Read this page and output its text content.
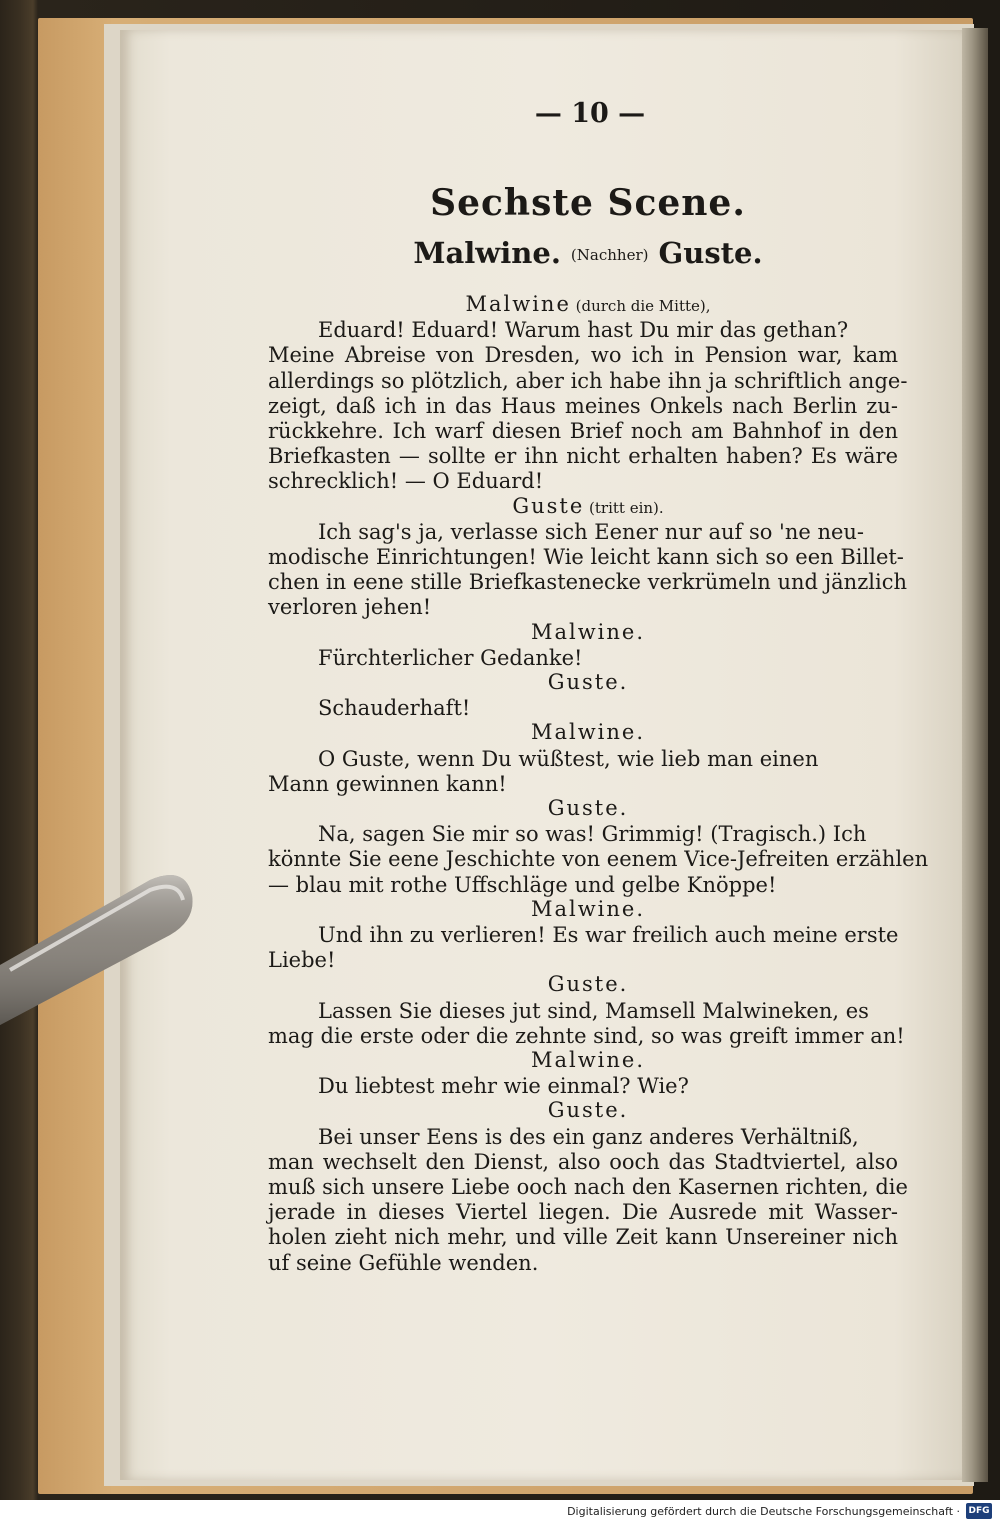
— 10 —
Sechste Scene.
Malwine. (Nachher) Guste.
Malwine (durch die Mitte),
Eduard! Eduard! Warum hast Du mir das gethan?
Meine Abreise von Dresden, wo ich in Pension war, kam
allerdings so plötzlich, aber ich habe ihn ja schriftlich ange-
zeigt, daß ich in das Haus meines Onkels nach Berlin zu-
rückkehre. Ich warf diesen Brief noch am Bahnhof in den
Briefkasten — sollte er ihn nicht erhalten haben? Es wäre
schrecklich! — O Eduard!
Guste (tritt ein).
Ich sag's ja, verlasse sich Eener nur auf so 'ne neu-
modische Einrichtungen! Wie leicht kann sich so een Billet-
chen in eene stille Briefkastenecke verkrümeln und jänzlich
verloren jehen!
Malwine.
Fürchterlicher Gedanke!
Guste.
Schauderhaft!
Malwine.
O Guste, wenn Du wüßtest, wie lieb man einen
Mann gewinnen kann!
Guste.
Na, sagen Sie mir so was! Grimmig! (Tragisch.) Ich
könnte Sie eene Jeschichte von eenem Vice-Jefreiten erzählen
— blau mit rothe Uffschläge und gelbe Knöppe!
Malwine.
Und ihn zu verlieren! Es war freilich auch meine erste
Liebe!
Guste.
Lassen Sie dieses jut sind, Mamsell Malwineken, es
mag die erste oder die zehnte sind, so was greift immer an!
Malwine.
Du liebtest mehr wie einmal? Wie?
Guste.
Bei unser Eens is des ein ganz anderes Verhältniß,
man wechselt den Dienst, also ooch das Stadtviertel, also
muß sich unsere Liebe ooch nach den Kasernen richten, die
jerade in dieses Viertel liegen. Die Ausrede mit Wasser-
holen zieht nich mehr, und ville Zeit kann Unsereiner nich
uf seine Gefühle wenden.
Digitalisierung gefördert durch die Deutsche Forschungsgemeinschaft · DFG
